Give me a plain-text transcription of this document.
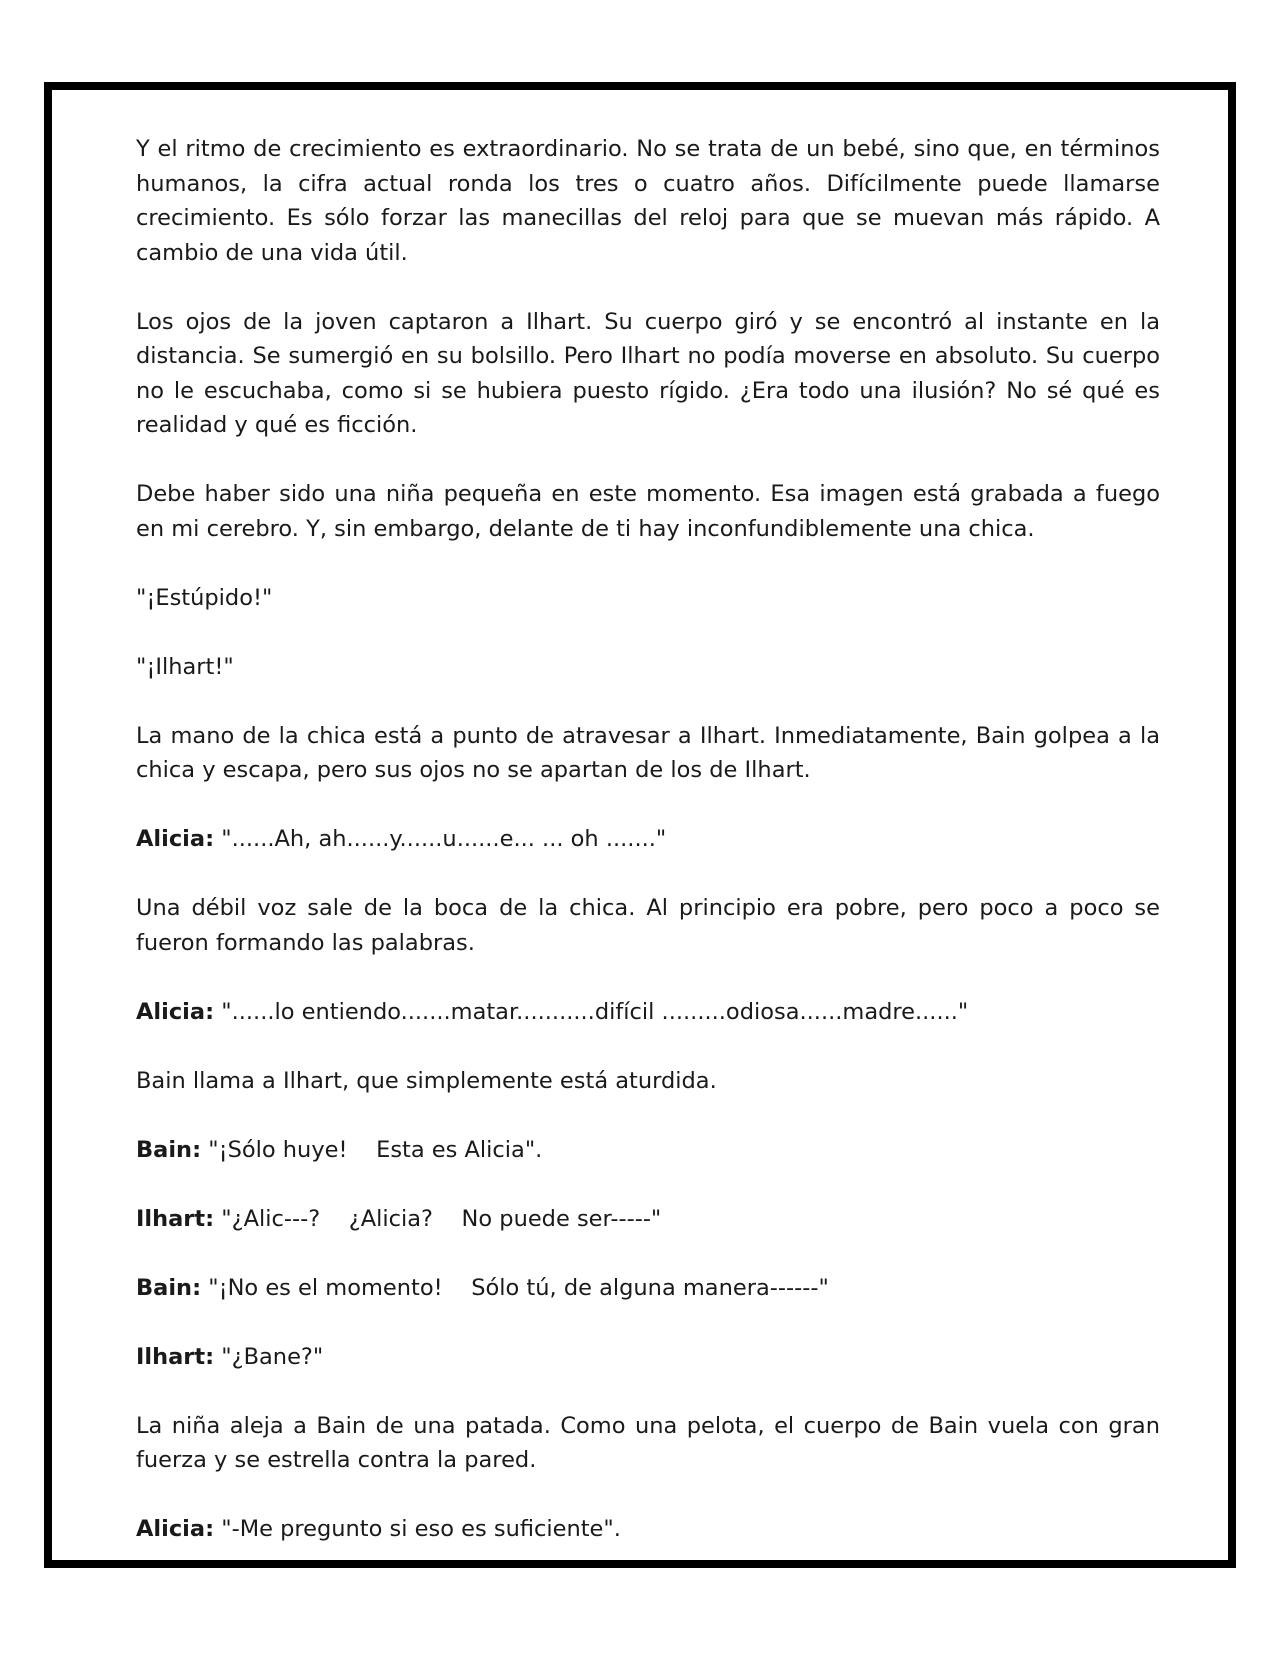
Y el ritmo de crecimiento es extraordinario. No se trata de un bebé, sino que, en términos humanos, la cifra actual ronda los tres o cuatro años. Difícilmente puede llamarse crecimiento. Es sólo forzar las manecillas del reloj para que se muevan más rápido. A cambio de una vida útil.

Los ojos de la joven captaron a Ilhart. Su cuerpo giró y se encontró al instante en la distancia. Se sumergió en su bolsillo. Pero Ilhart no podía moverse en absoluto. Su cuerpo no le escuchaba, como si se hubiera puesto rígido. ¿Era todo una ilusión? No sé qué es realidad y qué es ficción.

Debe haber sido una niña pequeña en este momento. Esa imagen está grabada a fuego en mi cerebro. Y, sin embargo, delante de ti hay inconfundiblemente una chica.

"¡Estúpido!"

"¡Ilhart!"

La mano de la chica está a punto de atravesar a Ilhart. Inmediatamente, Bain golpea a la chica y escapa, pero sus ojos no se apartan de los de Ilhart.

Alicia: "......Ah, ah......y......u......e... ... oh ......."

Una débil voz sale de la boca de la chica. Al principio era pobre, pero poco a poco se fueron formando las palabras.

Alicia: "......lo entiendo.......matar...........difícil .........odiosa......madre......"

Bain llama a Ilhart, que simplemente está aturdida.

Bain: "¡Sólo huye!    Esta es Alicia".

Ilhart: "¿Alic---?    ¿Alicia?    No puede ser-----"

Bain: "¡No es el momento!    Sólo tú, de alguna manera------"

Ilhart: "¿Bane?"

La niña aleja a Bain de una patada. Como una pelota, el cuerpo de Bain vuela con gran fuerza y se estrella contra la pared.

Alicia: "-Me pregunto si eso es suficiente".
